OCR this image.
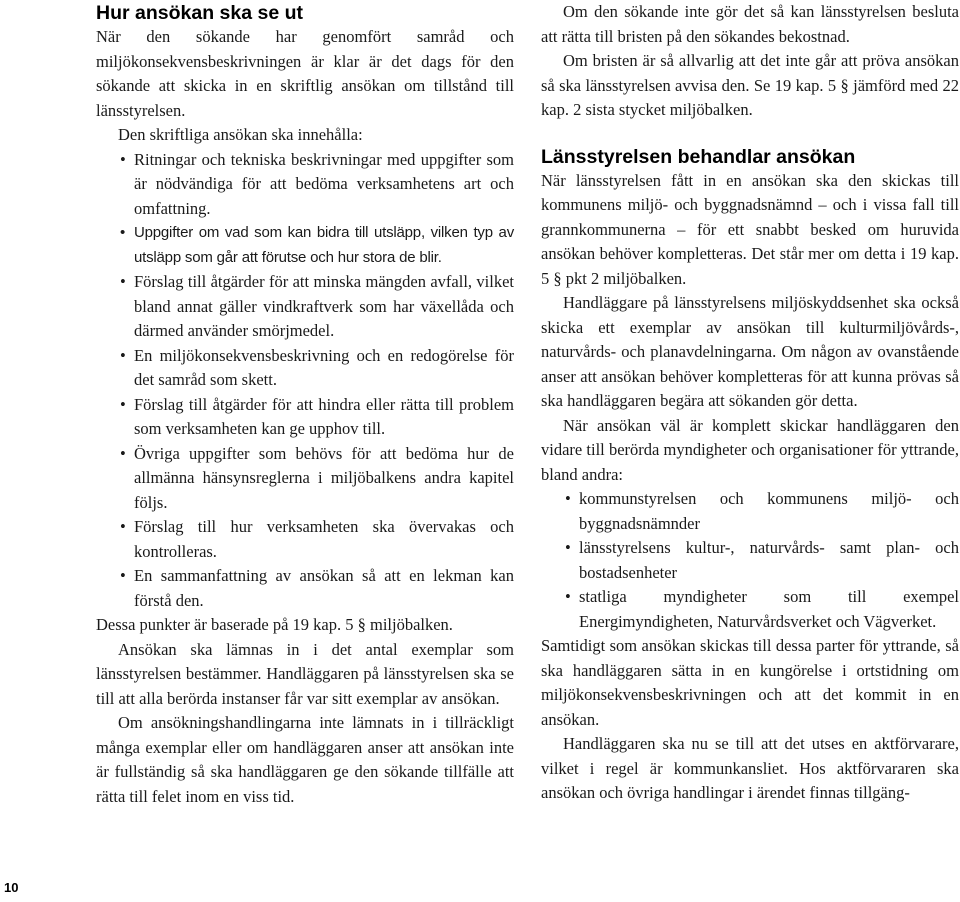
Hur ansökan ska se ut

När den sökande har genomfört samråd och miljökonsekvensbeskrivningen är klar är det dags för den sökande att skicka in en skriftlig ansökan om tillstånd till länsstyrelsen.

Den skriftliga ansökan ska innehålla:

• Ritningar och tekniska beskrivningar med uppgifter som är nödvändiga för att bedöma verksamhetens art och omfattning.
• Uppgifter om vad som kan bidra till utsläpp, vilken typ av utsläpp som går att förutse och hur stora de blir.
• Förslag till åtgärder för att minska mängden avfall, vilket bland annat gäller vindkraftverk som har växellåda och därmed använder smörjmedel.
• En miljökonsekvensbeskrivning och en redogörelse för det samråd som skett.
• Förslag till åtgärder för att hindra eller rätta till problem som verksamheten kan ge upphov till.
• Övriga uppgifter som behövs för att bedöma hur de allmänna hänsynsreglerna i miljöbalkens andra kapitel följs.
• Förslag till hur verksamheten ska övervakas och kontrolleras.
• En sammanfattning av ansökan så att en lekman kan förstå den.

Dessa punkter är baserade på 19 kap. 5 § miljöbalken.

Ansökan ska lämnas in i det antal exemplar som länsstyrelsen bestämmer. Handläggaren på länsstyrelsen ska se till att alla berörda instanser får var sitt exemplar av ansökan.

Om ansökningshandlingarna inte lämnats in i tillräckligt många exemplar eller om handläggaren anser att ansökan inte är fullständig så ska handläggaren ge den sökande tillfälle att rätta till felet inom en viss tid.

Om den sökande inte gör det så kan länsstyrelsen besluta att rätta till bristen på den sökandes bekostnad.

Om bristen är så allvarlig att det inte går att pröva ansökan så ska länsstyrelsen avvisa den. Se 19 kap. 5 § jämförd med 22 kap. 2 sista stycket miljöbalken.

Länsstyrelsen behandlar ansökan

När länsstyrelsen fått in en ansökan ska den skickas till kommunens miljö- och byggnadsnämnd – och i vissa fall till grannkommunerna – för ett snabbt besked om huruvida ansökan behöver kompletteras. Det står mer om detta i 19 kap. 5 § pkt 2 miljöbalken.

Handläggare på länsstyrelsens miljöskyddsenhet ska också skicka ett exemplar av ansökan till kulturmiljövårds-, naturvårds- och planavdelningarna. Om någon av ovanstående anser att ansökan behöver kompletteras för att kunna prövas så ska handläggaren begära att sökanden gör detta.

När ansökan väl är komplett skickar handläggaren den vidare till berörda myndigheter och organisationer för yttrande, bland andra:

• kommunstyrelsen och kommunens miljö- och byggnadsnämnder
• länsstyrelsens kultur-, naturvårds- samt plan- och bostadsenheter
• statliga myndigheter som till exempel Energimyndigheten, Naturvårdsverket och Vägverket.

Samtidigt som ansökan skickas till dessa parter för yttrande, så ska handläggaren sätta in en kungörelse i ortstidning om miljökonsekvensbeskrivningen och att det kommit in en ansökan.

Handläggaren ska nu se till att det utses en aktförvarare, vilket i regel är kommunkansliet. Hos aktförvararen ska ansökan och övriga handlingar i ärendet finnas tillgäng-

10
